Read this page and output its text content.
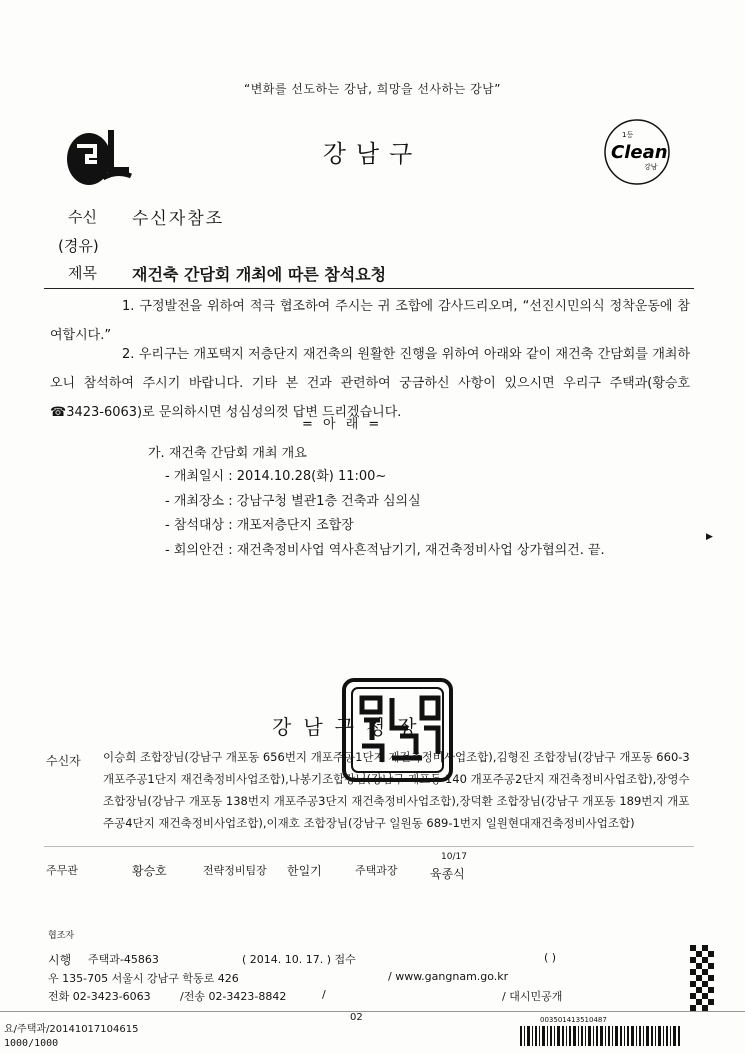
“변화를 선도하는 강남, 희망을 선사하는 강남”
강남구
1등
Clean
강남
수신 수신자참조
(경유)
제목 재건축 간담회 개최에 따른 참석요청
1. 구정발전을 위하여 적극 협조하여 주시는 귀 조합에 감사드리오며, “선진시민의식 정착운동에 참여합시다.”
2. 우리구는 개포택지 저층단지 재건축의 원활한 진행을 위하여 아래와 같이 재건축 간담회를 개최하오니 참석하여 주시기 바랍니다. 기타 본 건과 관련하여 궁금하신 사항이 있으시면 우리구 주택과(황승호 ☎3423-6063)로 문의하시면 성심성의껏 답변 드리겠습니다.
= 아 래 =
가. 재건축 간담회 개최 개요
- 개최일시 : 2014.10.28(화) 11:00~
- 개최장소 : 강남구청 별관1층 건축과 심의실
- 참석대상 : 개포저층단지 조합장
- 회의안건 : 재건축정비사업 역사흔적남기기, 재건축정비사업 상가협의건. 끝.
▶
강남구청장
수신자 이승희 조합장님(강남구 개포동 656번지 개포주공1단지 재건축정비사업조합),김형진 조합장님(강남구 개포동 660-3 개포주공1단지 재건축정비사업조합),나봉기조합장님(강남구 개포동 140 개포주공2단지 재건축정비사업조합),장영수 조합장님(강남구 개포동 138번지 개포주공3단지 재건축정비사업조합),장덕환 조합장님(강남구 개포동 189번지 개포주공4단지 재건축정비사업조합),이재호 조합장님(강남구 일원동 689-1번지 일원현대재건축정비사업조합)
주무관	황승호	전략정비팀장 한일기	주택과장
10/17
육종식
협조자
시행 주택과-45863	( 2014. 10. 17. ) 접수	( )
우 135-705 서울시 강남구 학동로 426	/ www.gangnam.go.kr
전화 02-3423-6063	/전송 02-3423-8842	/	/ 대시민공개
요/주택과/20141017104615
1000/1000
02	003501413510487
